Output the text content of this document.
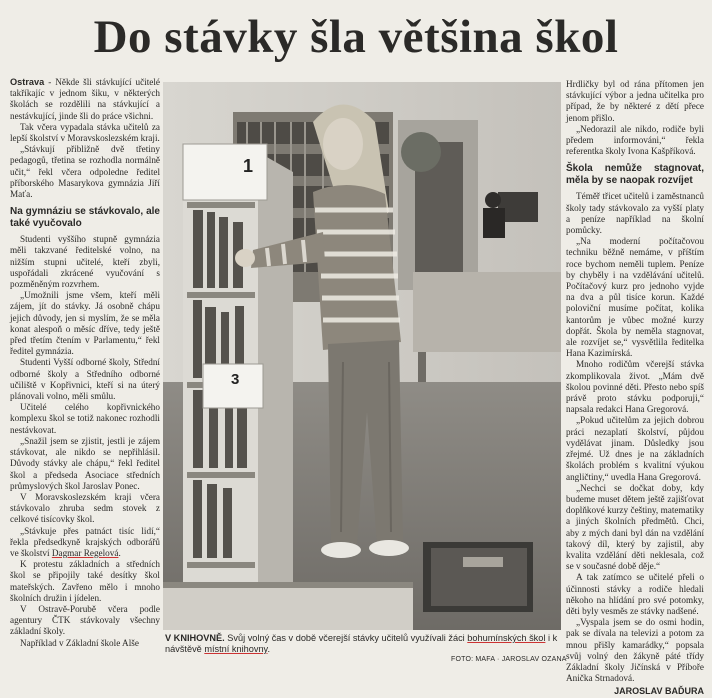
Do stávky šla většina škol

Ostrava - Někde šli stávkující učitelé takříkajíc v jednom šiku, v některých školách se rozdělili na stávkující a nestávkující, jinde šli do práce všichni.

Tak včera vypadala stávka učitelů za lepší školství v Moravskoslezském kraji.

„Stávkují přibližně dvě třetiny pedagogů, třetina se rozhodla normálně učit,“ řekl včera odpoledne ředitel příborského Masarykova gymnázia Jiří Maťa.

Na gymnáziu se stávkovalo, ale také vyučovalo

Studenti vyššího stupně gymnázia měli takzvané ředitelské volno, na nižším stupni učitelé, kteří zbyli, uspořádali zkrácené vyučování s pozměněným rozvrhem.

„Umožnili jsme všem, kteří měli zájem, jít do stávky. Já osobně chápu jejich důvody, jen si myslím, že se měla konat alespoň o měsíc dříve, tedy ještě před třetím čtením v Parlamentu,“ řekl ředitel gymnázia.

Studenti Vyšší odborné školy, Střední odborné školy a Středního odborné učiliště v Kopřivnici, kteří si na úterý plánovali volno, měli smůlu.

Učitelé celého kopřivnického komplexu škol se totiž nakonec rozhodli nestávkovat.

„Snažil jsem se zjistit, jestli je zájem stávkovat, ale nikdo se nepřihlásil. Důvody stávky ale chápu,“ řekl ředitel škol a předseda Asociace středních průmyslových škol Jaroslav Ponec.

V Moravskoslezském kraji včera stávkovalo zhruba sedm stovek z celkové tisícovky škol.

„Stávkuje přes patnáct tisíc lidí,“ řekla předsedkyně krajských odborářů ve školství Dagmar Regelová.

K protestu základních a středních škol se připojily také desítky škol mateřských. Zavřeno mělo i mnoho školních družin i jídelen.

V Ostravě-Porubě včera podle agentury ČTK stávkovaly všechny základní školy.

Například v Základní škole Alše

1
3
V KNIHOVNĚ. Svůj volný čas v době včerejší stávky učitelů využívali žáci bohumínských škol i k návštěvě místní knihovny.
FOTO: MAFA · JAROSLAV OZANA

Hrdličky byl od rána přítomen jen stávkující výbor a jedna učitelka pro případ, že by některé z dětí přece jenom přišlo.

„Nedorazil ale nikdo, rodiče byli předem informováni,“ řekla referentka školy Ivona Kašpříková.

Škola nemůže stagnovat, měla by se naopak rozvíjet

Téměř třicet učitelů i zaměstnanců školy tady stávkovalo za vyšší platy a peníze například na školní pomůcky.

„Na moderní počítačovou techniku běžně nemáme, v příštím roce bychom neměli tuplem. Peníze by chyběly i na vzdělávání učitelů. Počítačový kurz pro jednoho vyjde na dva a půl tisíce korun. Každé poloviční musíme počítat, kolika kantorům je vůbec možné kurzy dopřát. Škola by neměla stagnovat, ale rozvíjet se,“ vysvětlila ředitelka Hana Kazimírská.

Mnoho rodičům včerejší stávka zkomplikovala život. „Mám dvě školou povinné děti. Přesto nebo spíš právě proto stávku podporuji,“ napsala redakci Hana Gregorová.

„Pokud učitelům za jejich dobrou práci nezaplatí školství, půjdou vydělávat jinam. Důsledky jsou zřejmé. Už dnes je na základních školách problém s kvalitní výukou angličtiny,“ uvedla Hana Gregorová.

„Nechci se dočkat doby, kdy budeme muset dětem ještě zajišťovat doplňkové kurzy češtiny, matematiky a jiných školních předmětů. Chci, aby z mých dani byl dán na vzdělání takový díl, který by zajistil, aby kvalita vzdělání děti neklesala, což se v současné době děje.“

A tak zatímco se učitelé přeli o účinnosti stávky a rodiče hledali někoho na hlídání pro své potomky, děti byly vesměs ze stávky nadšené.

„Vyspala jsem se do osmi hodin, pak se dívala na televizi a potom za mnou přišly kamarádky,“ popsala svůj volný den žákyně páté třídy Základní školy Jičínská v Příboře Anička Strnadová.

JAROSLAV BAĎURA
